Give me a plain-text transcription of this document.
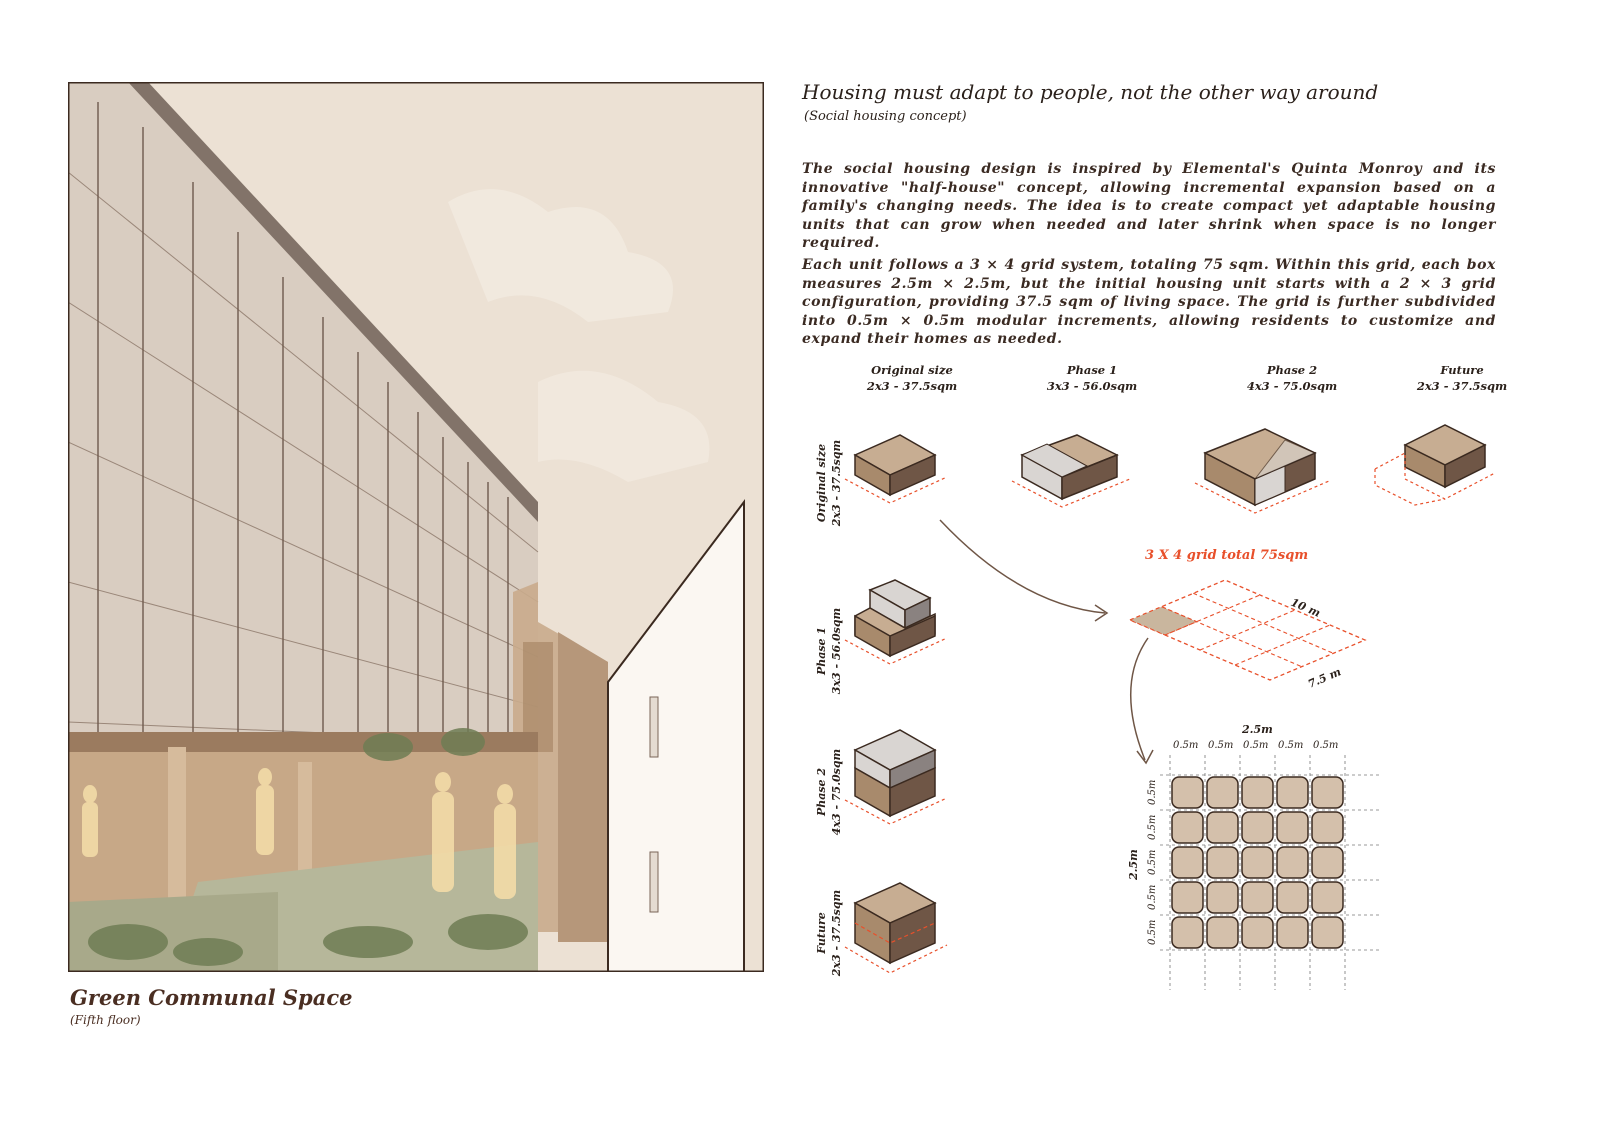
Green Communal Space
(Fifth floor)
Housing must adapt to people, not the other way around
(Social housing concept)
The social housing design is inspired by Elemental's Quinta Monroy and its innovative "half-house" concept, allowing incremental expansion based on a family's changing needs. The idea is to create compact yet adaptable housing units that can grow when needed and later shrink when space is no longer required.
Each unit follows a 3 × 4 grid system, totaling 75 sqm. Within this grid, each box measures 2.5m × 2.5m, but the initial housing unit starts with a 2 × 3 grid configuration, providing 37.5 sqm of living space. The grid is further subdivided into 0.5m × 0.5m modular increments, allowing residents to customize and expand their homes as needed.
Original size
2x3 - 37.5sqm
Phase 1
3x3 - 56.0sqm
Phase 2
4x3 - 75.0sqm
Future
2x3 - 37.5sqm
Original size 2x3 - 37.5sqm
Phase 1 3x3 - 56.0sqm
Phase 2 4x3 - 75.0sqm
Future 2x3 - 37.5sqm
3 X 4 grid total 75sqm
10 m
7.5 m
2.5m
0.5m 0.5m 0.5m 0.5m 0.5m
2.5m
0.5m
0.5m
0.5m
0.5m
0.5m
